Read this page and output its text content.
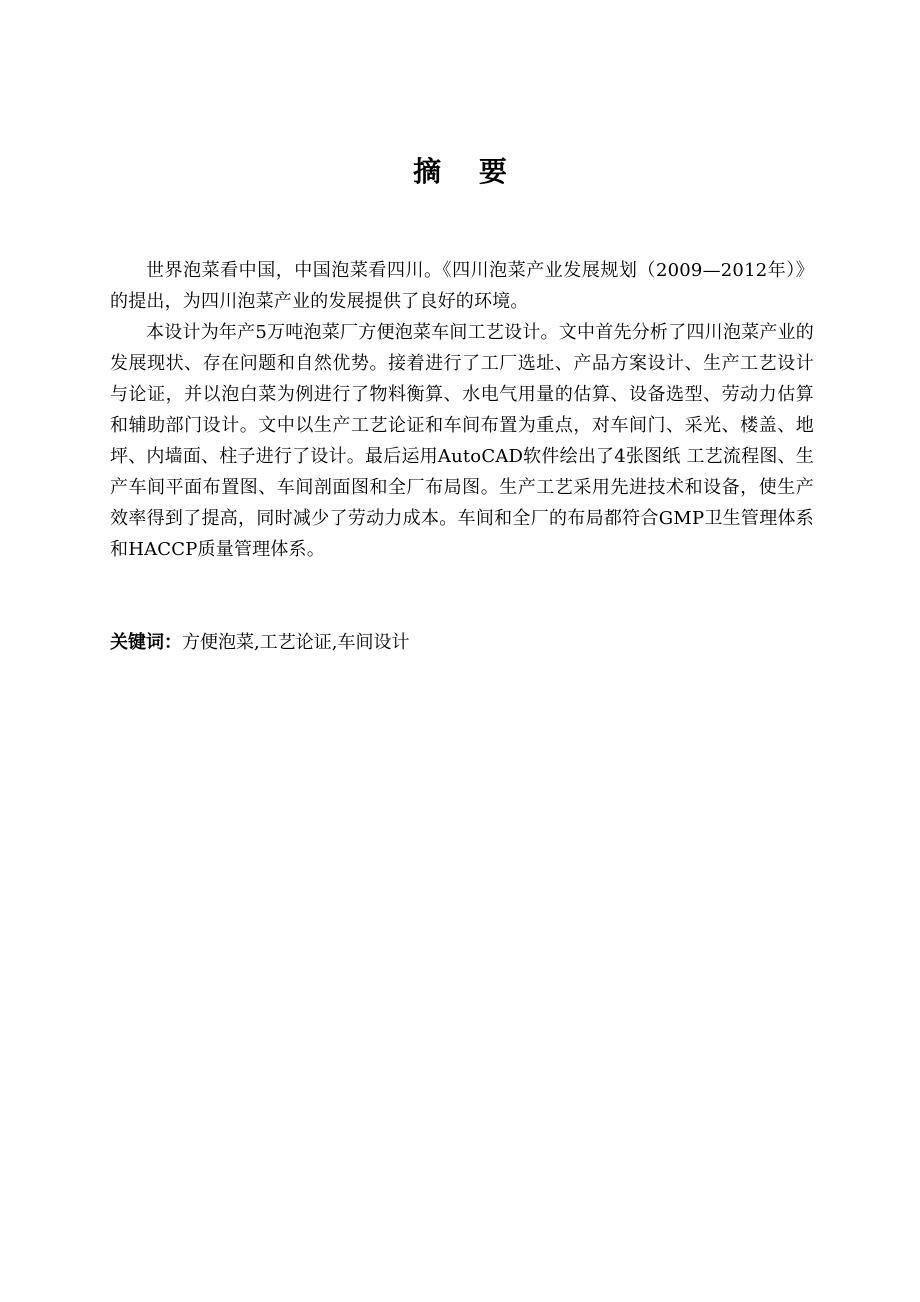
摘 要

世界泡菜看中国，中国泡菜看四川。《四川泡菜产业发展规划（2009—2012年）》的提出，为四川泡菜产业的发展提供了良好的环境。

本设计为年产5万吨泡菜厂方便泡菜车间工艺设计。文中首先分析了四川泡菜产业的发展现状、存在问题和自然优势。接着进行了工厂选址、产品方案设计、生产工艺设计与论证，并以泡白菜为例进行了物料衡算、水电气用量的估算、设备选型、劳动力估算和辅助部门设计。文中以生产工艺论证和车间布置为重点，对车间门、采光、楼盖、地坪、内墙面、柱子进行了设计。最后运用AutoCAD软件绘出了4张图纸 工艺流程图、生产车间平面布置图、车间剖面图和全厂布局图。生产工艺采用先进技术和设备，使生产效率得到了提高，同时减少了劳动力成本。车间和全厂的布局都符合GMP卫生管理体系和HACCP质量管理体系。

关键词：方便泡菜,工艺论证,车间设计
